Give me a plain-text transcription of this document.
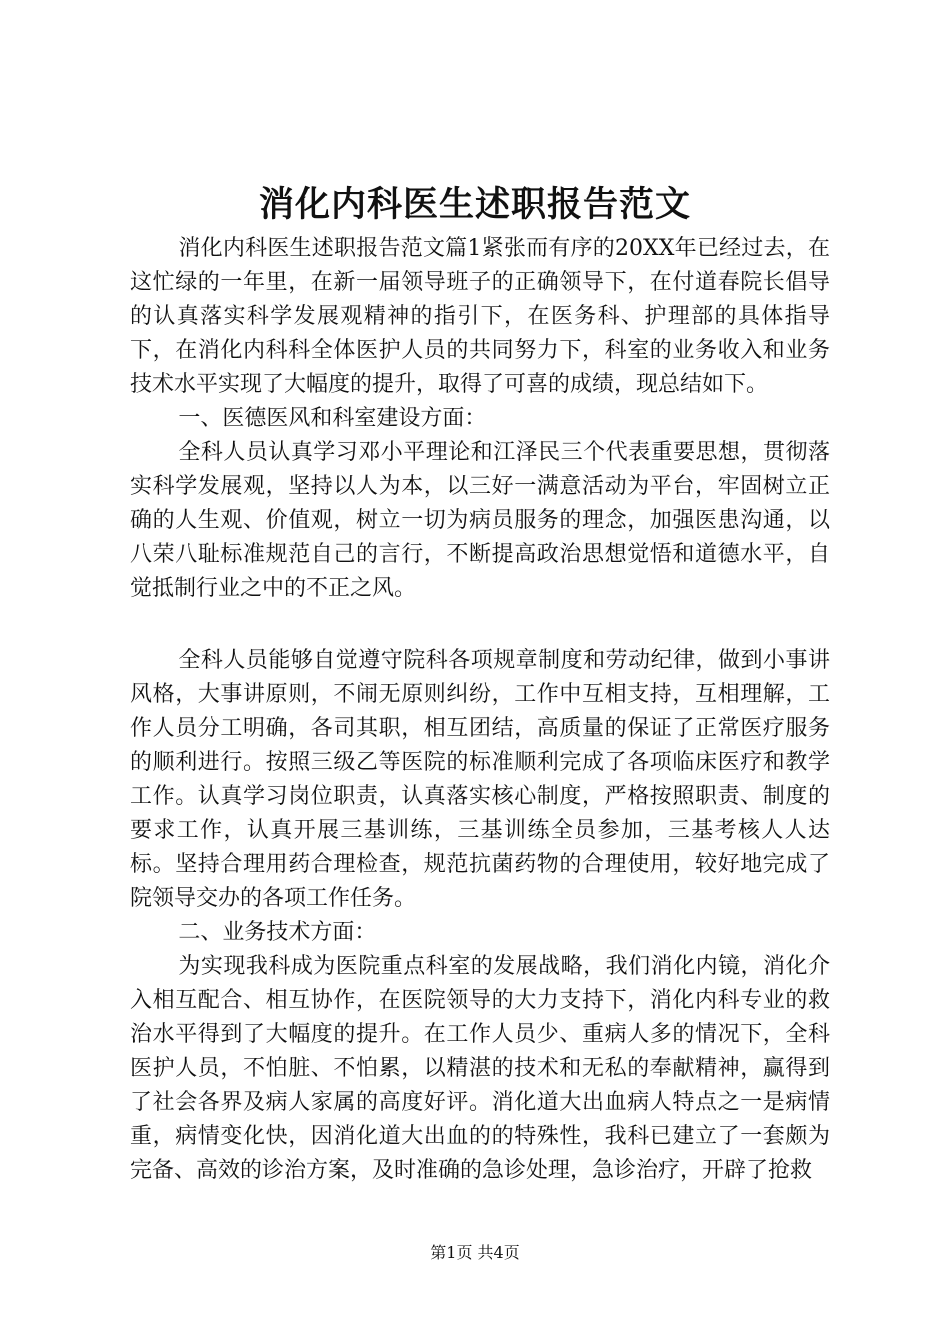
消化内科医生述职报告范文

消化内科医生述职报告范文篇1紧张而有序的20XX年已经过去，在这忙绿的一年里，在新一届领导班子的正确领导下，在付道春院长倡导的认真落实科学发展观精神的指引下，在医务科、护理部的具体指导下，在消化内科科全体医护人员的共同努力下，科室的业务收入和业务技术水平实现了大幅度的提升，取得了可喜的成绩，现总结如下。

一、医德医风和科室建设方面：

全科人员认真学习邓小平理论和江泽民三个代表重要思想，贯彻落实科学发展观，坚持以人为本，以三好一满意活动为平台，牢固树立正确的人生观、价值观，树立一切为病员服务的理念，加强医患沟通，以八荣八耻标准规范自己的言行，不断提高政治思想觉悟和道德水平，自觉抵制行业之中的不正之风。

全科人员能够自觉遵守院科各项规章制度和劳动纪律，做到小事讲风格，大事讲原则，不闹无原则纠纷，工作中互相支持，互相理解，工作人员分工明确，各司其职，相互团结，高质量的保证了正常医疗服务的顺利进行。按照三级乙等医院的标准顺利完成了各项临床医疗和教学工作。认真学习岗位职责，认真落实核心制度，严格按照职责、制度的要求工作，认真开展三基训练，三基训练全员参加，三基考核人人达标。坚持合理用药合理检查，规范抗菌药物的合理使用，较好地完成了院领导交办的各项工作任务。

二、业务技术方面：

为实现我科成为医院重点科室的发展战略，我们消化内镜，消化介入相互配合、相互协作，在医院领导的大力支持下，消化内科专业的救治水平得到了大幅度的提升。在工作人员少、重病人多的情况下，全科医护人员，不怕脏、不怕累，以精湛的技术和无私的奉献精神，赢得到了社会各界及病人家属的高度好评。消化道大出血病人特点之一是病情重，病情变化快，因消化道大出血的的特殊性，我科已建立了一套颇为完备、高效的诊治方案，及时准确的急诊处理，急诊治疗，开辟了抢救

第1页 共4页
